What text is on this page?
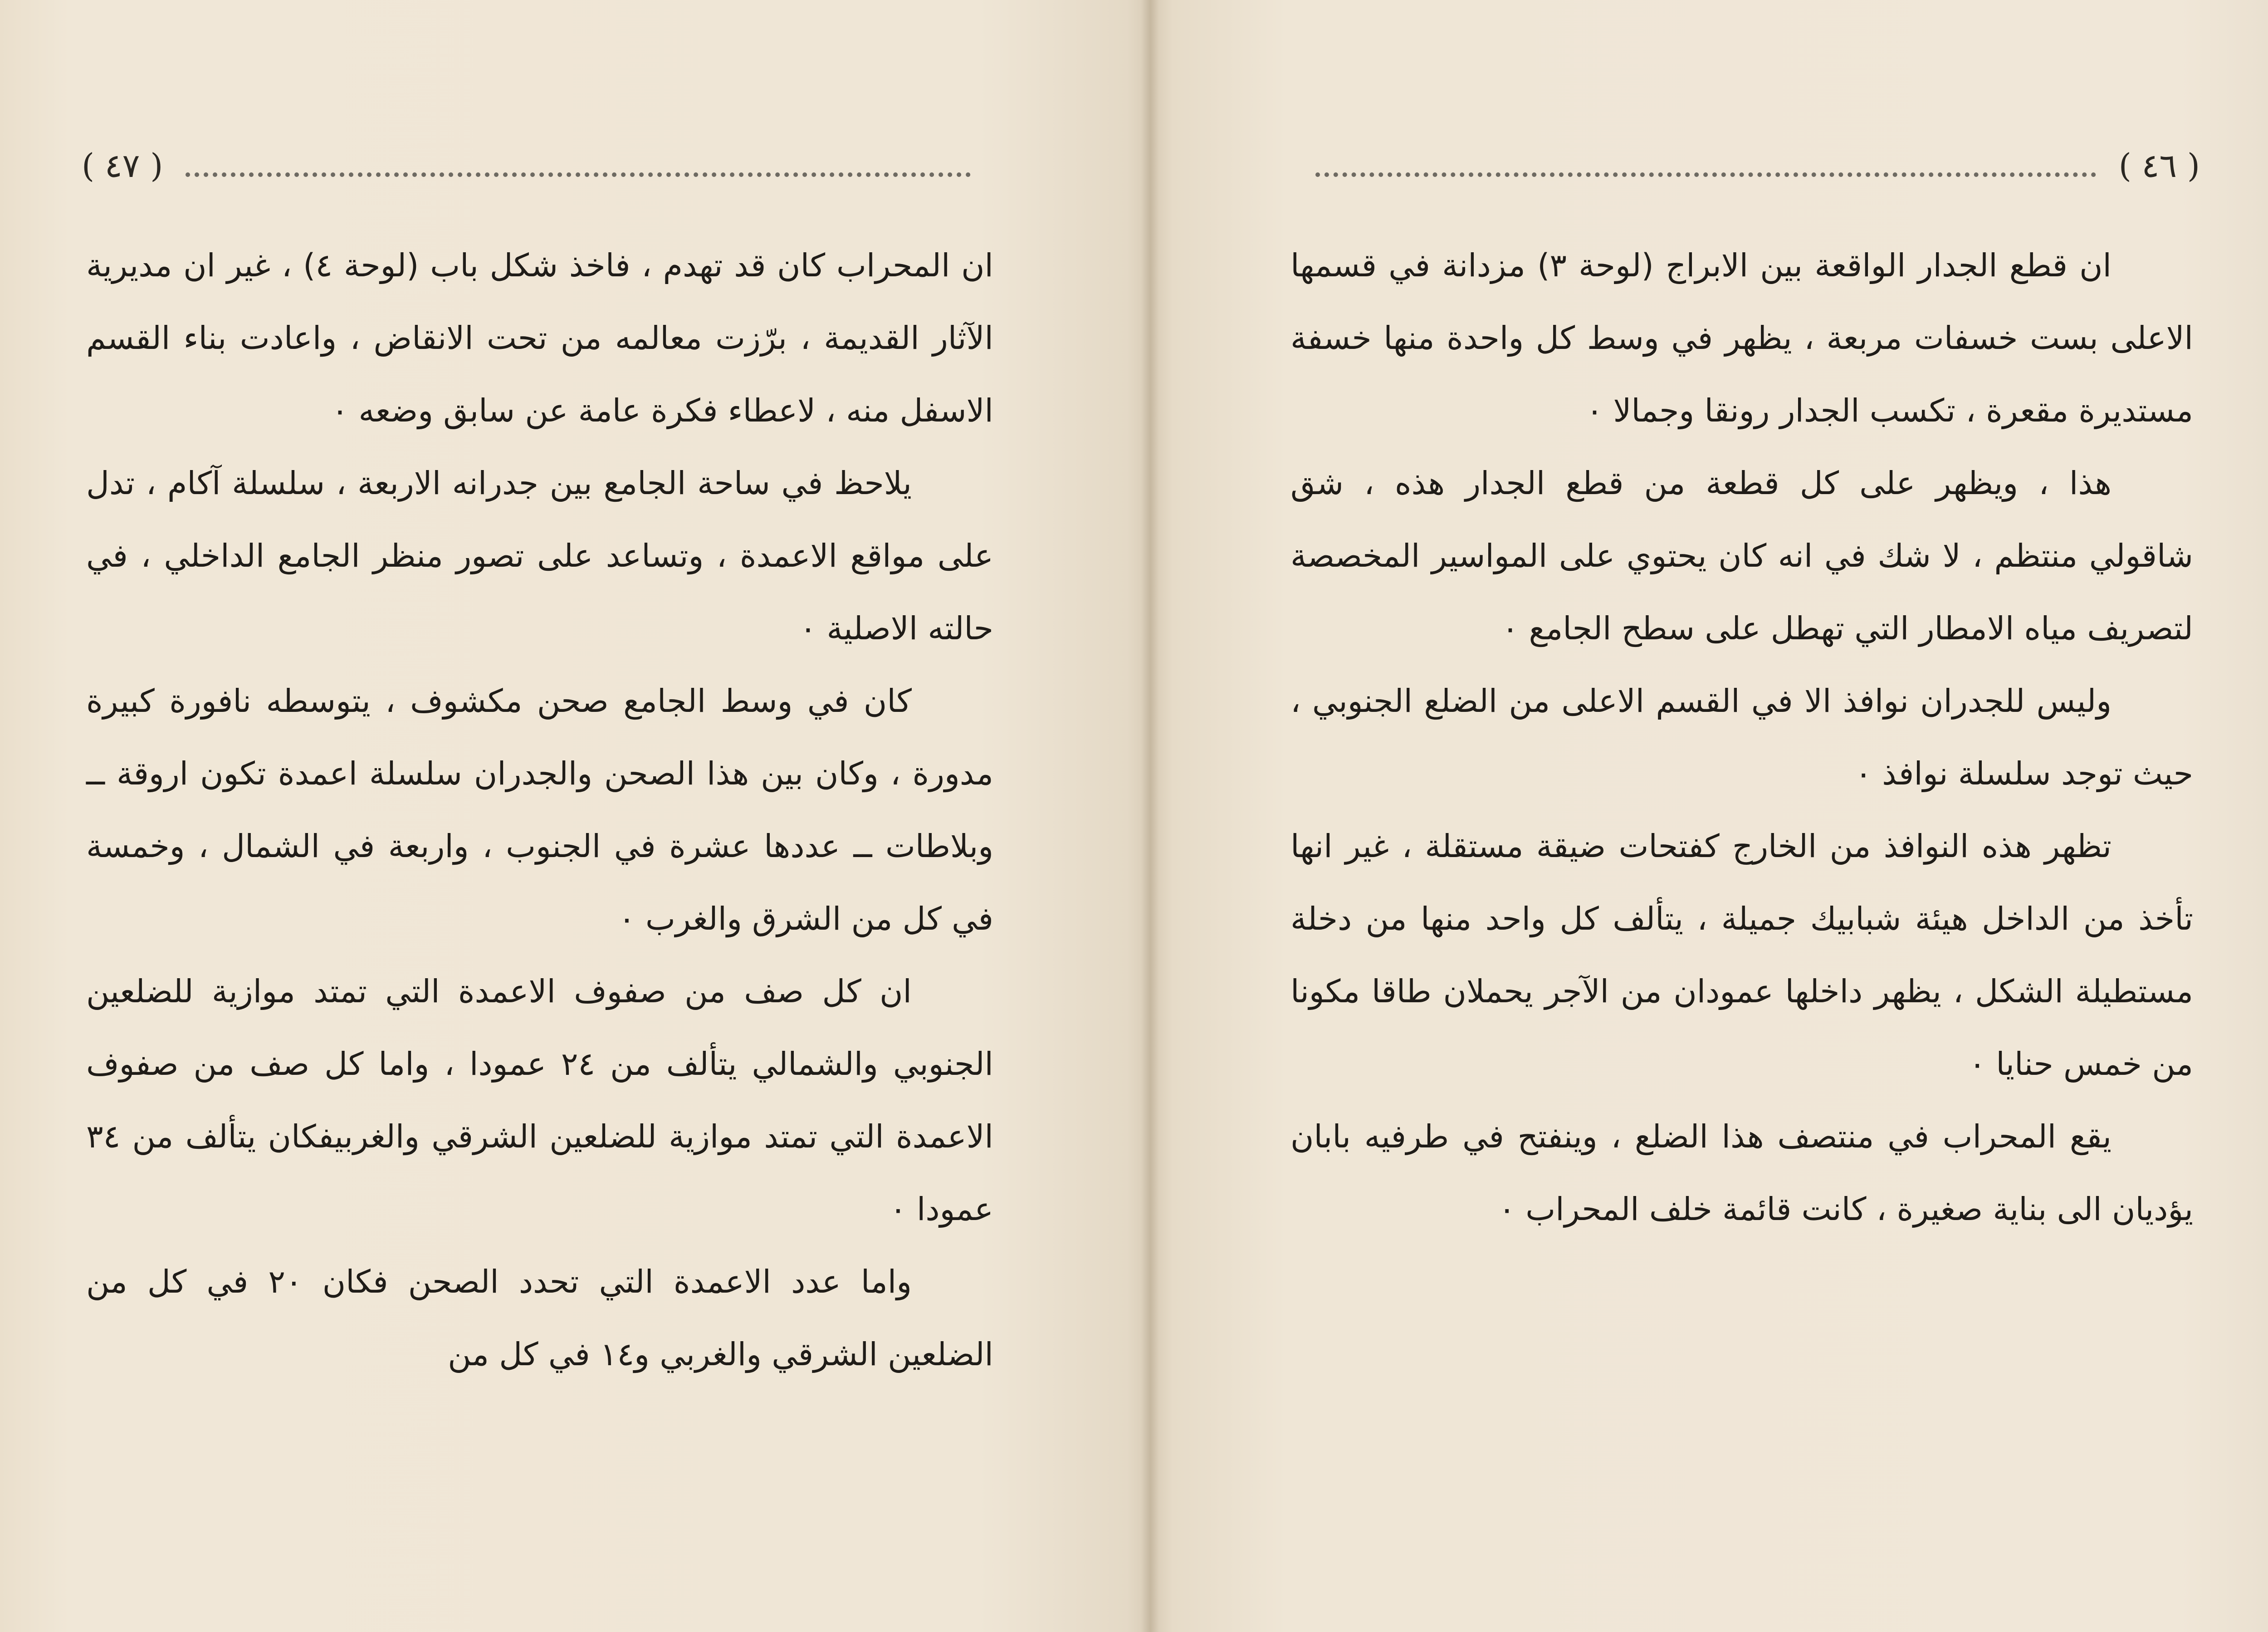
( ٤٧ )

ان المحراب كان قد تهدم ، فاخذ شكل باب (لوحة ٤) ، غير ان مديرية الآثار القديمة ، برّزت معالمه من تحت الانقاض ، واعادت بناء القسم الاسفل منه ، لاعطاء فكرة عامة عن سابق وضعه ٠

يلاحظ في ساحة الجامع بين جدرانه الاربعة ، سلسلة آكام ، تدل على مواقع الاعمدة ، وتساعد على تصور منظر الجامع الداخلي ، في حالته الاصلية ٠

كان في وسط الجامع صحن مكشوف ، يتوسطه نافورة كبيرة مدورة ، وكان بين هذا الصحن والجدران سلسلة اعمدة تكون اروقة ــ وبلاطات ــ عددها عشرة في الجنوب ، واربعة في الشمال ، وخمسة في كل من الشرق والغرب ٠

ان كل صف من صفوف الاعمدة التي تمتد موازية للضلعين الجنوبي والشمالي يتألف من ٢٤ عمودا ، واما كل صف من صفوف الاعمدة التي تمتد موازية للضلعين الشرقي والغربيفكان يتألف من ٣٤ عمودا ٠

واما عدد الاعمدة التي تحدد الصحن فكان ٢٠ في كل من الضلعين الشرقي والغربي و١٤ في كل من

( ٤٦ )

ان قطع الجدار الواقعة بين الابراج (لوحة ٣) مزدانة في قسمها الاعلى بست خسفات مربعة ، يظهر في وسط كل واحدة منها خسفة مستديرة مقعرة ، تكسب الجدار رونقا وجمالا ٠

هذا ، ويظهر على كل قطعة من قطع الجدار هذه ، شق شاقولي منتظم ، لا شك في انه كان يحتوي على المواسير المخصصة لتصريف مياه الامطار التي تهطل على سطح الجامع ٠

وليس للجدران نوافذ الا في القسم الاعلى من الضلع الجنوبي ، حيث توجد سلسلة نوافذ ٠

تظهر هذه النوافذ من الخارج كفتحات ضيقة مستقلة ، غير انها تأخذ من الداخل هيئة شبابيك جميلة ، يتألف كل واحد منها من دخلة مستطيلة الشكل ، يظهر داخلها عمودان من الآجر يحملان طاقا مكونا من خمس حنايا ٠

يقع المحراب في منتصف هذا الضلع ، وينفتح في طرفيه بابان يؤديان الى بناية صغيرة ، كانت قائمة خلف المحراب ٠
